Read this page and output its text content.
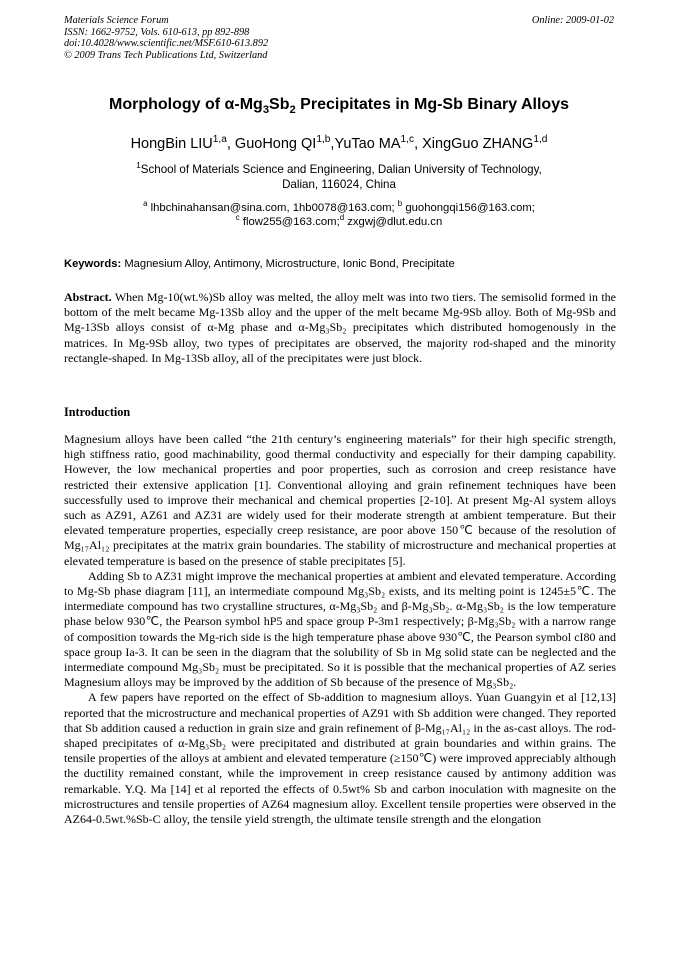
Materials Science Forum
ISSN: 1662-9752, Vols. 610-613, pp 892-898
doi:10.4028/www.scientific.net/MSF.610-613.892
© 2009 Trans Tech Publications Ltd, Switzerland
Online: 2009-01-02
Morphology of $\alpha-Mg_3Sb_2$ Precipitates in Mg-Sb Binary Alloys
HongBin LIU$^{1,a}$, GuoHong QI$^{1,b}$,YuTao MA$^{1,c}$, XingGuo ZHANG$^{1,d}$
$^1$School of Materials Science and Engineering, Dalian University of Technology,
Dalian, 116024, China
$^a$ lhbchinahansan@sina.com, 1hb0078@163.com; $^b$ guohongqi156@163.com;
$^c$ flow255@163.com;$^d$ zxgwj@dlut.edu.cn
Keywords: Magnesium Alloy, Antimony, Microstructure, Ionic Bond, Precipitate
Abstract. When Mg-10(wt.%)Sb alloy was melted, the alloy melt was into two tiers. The semisolid formed in the bottom of the melt became Mg-13Sb alloy and the upper of the melt became Mg-9Sb alloy. Both of Mg-9Sb and Mg-13Sb alloys consist of α-Mg phase and α-Mg₃Sb₂ precipitates which distributed homogenously in the matrices. In Mg-9Sb alloy, two types of precipitates are observed, the majority rod-shaped and the minority rectangle-shaped. In Mg-13Sb alloy, all of the precipitates were just block.
Introduction

Magnesium alloys have been called “the 21th century’s engineering materials” for their high specific strength, high stiffness ratio, good machinability, good thermal conductivity and especially for their damping capability. However, the low mechanical properties and poor properties, such as corrosion and creep resistance have restricted their extensive application [1]. Conventional alloying and grain refinement techniques have been successfully used to improve their mechanical and chemical properties [2-10]. At present Mg-Al system alloys such as AZ91, AZ61 and AZ31 are widely used for their moderate strength at ambient temperature. But their elevated temperature properties, especially creep resistance, are poor above 150℃ because of the resolution of Mg₁₇Al₁₂ precipitates at the matrix grain boundaries. The stability of microstructure and mechanical properties at elevated temperature is based on the presence of stable precipitates [5].

Adding Sb to AZ31 might improve the mechanical properties at ambient and elevated temperature. According to Mg-Sb phase diagram [11], an intermediate compound Mg₃Sb₂ exists, and its melting point is 1245±5℃. The intermediate compound has two crystalline structures, α-Mg₃Sb₂ and β-Mg₃Sb₂. α-Mg₃Sb₂ is the low temperature phase below 930℃, the Pearson symbol hP5 and space group P-3m1 respectively; β-Mg₃Sb₂ with a narrow range of composition towards the Mg-rich side is the high temperature phase above 930℃, the Pearson symbol cI80 and space group Ia-3. It can be seen in the diagram that the solubility of Sb in Mg solid state can be neglected and the intermediate compound Mg₃Sb₂ must be precipitated. So it is possible that the mechanical properties of AZ series Magnesium alloys may be improved by the addition of Sb because of the presence of Mg₃Sb₂.

A few papers have reported on the effect of Sb-addition to magnesium alloys. Yuan Guangyin et al [12,13] reported that the microstructure and mechanical properties of AZ91 with Sb addition were changed. They reported that Sb addition caused a reduction in grain size and grain refinement of β-Mg₁₇Al₁₂ in the as-cast alloys. The rod-shaped precipitates of α-Mg₃Sb₂ were precipitated and distributed at grain boundaries and within grains. The tensile properties of the alloys at ambient and elevated temperature (≥150℃) were improved appreciably although the ductility remained constant, while the improvement in creep resistance caused by antimony addition was remarkable. Y.Q. Ma [14] et al reported the effects of 0.5wt% Sb and carbon inoculation with magnesite on the microstructures and tensile properties of AZ64 magnesium alloy. Excellent tensile properties were observed in the AZ64-0.5wt.%Sb-C alloy, the tensile yield strength, the ultimate tensile strength and the elongation
